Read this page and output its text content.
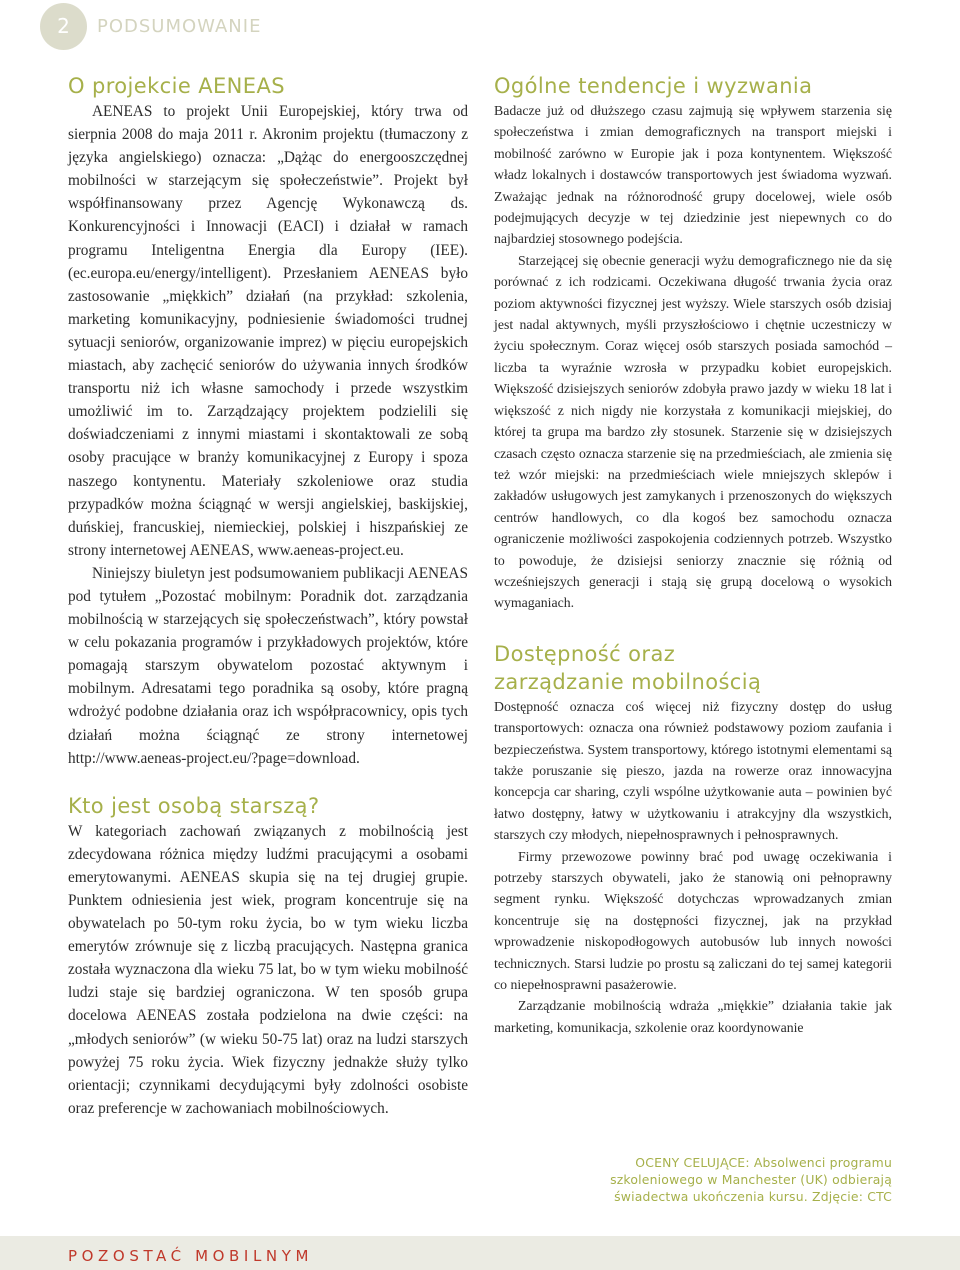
2	PODSUMOWANIE
O projekcie AENEAS

AENEAS to projekt Unii Europejskiej, który trwa od sierpnia 2008 do maja 2011 r. Akronim projektu (tłumaczony z języka angielskiego) oznacza: „Dążąc do energooszczędnej mobilności w starzejącym się społeczeństwie”. Projekt był współfinansowany przez Agencję Wykonawczą ds. Konkurencyjności i Innowacji (EACI) i działał w ramach programu Inteligentna Energia dla Europy (IEE). (ec.europa.eu/energy/intelligent). Przesłaniem AENEAS było zastosowanie „miękkich” działań (na przykład: szkolenia, marketing komunikacyjny, podniesienie świadomości trudnej sytuacji seniorów, organizowanie imprez) w pięciu europejskich miastach, aby zachęcić seniorów do używania innych środków transportu niż ich własne samochody i przede wszystkim umożliwić im to. Zarządzający projektem podzielili się doświadczeniami z innymi miastami i skontaktowali ze sobą osoby pracujące w branży komunikacyjnej z Europy i spoza naszego kontynentu. Materiały szkoleniowe oraz studia przypadków można ściągnąć w wersji angielskiej, baskijskiej, duńskiej, francuskiej, niemieckiej, polskiej i hiszpańskiej ze strony internetowej AENEAS, www.aeneas-project.eu.

Niniejszy biuletyn jest podsumowaniem publikacji AENEAS pod tytułem „Pozostać mobilnym: Poradnik dot. zarządzania mobilnością w starzejących się społeczeństwach”, który powstał w celu pokazania programów i przykładowych projektów, które pomagają starszym obywatelom pozostać aktywnym i mobilnym. Adresatami tego poradnika są osoby, które pragną wdrożyć podobne działania oraz ich współpracownicy, opis tych działań można ściągnąć ze strony internetowej http://www.aeneas-project.eu/?page=download.

Kto jest osobą starszą?

W kategoriach zachowań związanych z mobilnością jest zdecydowana różnica między ludźmi pracującymi a osobami emerytowanymi. AENEAS skupia się na tej drugiej grupie. Punktem odniesienia jest wiek, program koncentruje się na obywatelach po 50-tym roku życia, bo w tym wieku liczba emerytów zrównuje się z liczbą pracujących. Następna granica została wyznaczona dla wieku 75 lat, bo w tym wieku mobilność ludzi staje się bardziej ograniczona. W ten sposób grupa docelowa AENEAS została podzielona na dwie części: na „młodych seniorów” (w wieku 50-75 lat) oraz na ludzi starszych powyżej 75 roku życia. Wiek fizyczny jednakże służy tylko orientacji; czynnikami decydującymi były zdolności osobiste oraz preferencje w zachowaniach mobilnościowych.

Ogólne tendencje i wyzwania

Badacze już od dłuższego czasu zajmują się wpływem starzenia się społeczeństwa i zmian demograficznych na transport miejski i mobilność zarówno w Europie jak i poza kontynentem. Większość władz lokalnych i dostawców transportowych jest świadoma wyzwań. Zważając jednak na różnorodność grupy docelowej, wiele osób podejmujących decyzje w tej dziedzinie jest niepewnych co do najbardziej stosownego podejścia.

Starzejącej się obecnie generacji wyżu demograficznego nie da się porównać z ich rodzicami. Oczekiwana długość trwania życia oraz poziom aktywności fizycznej jest wyższy. Wiele starszych osób dzisiaj jest nadal aktywnych, myśli przyszłościowo i chętnie uczestniczy w życiu społecznym. Coraz więcej osób starszych posiada samochód – liczba ta wyraźnie wzrosła w przypadku kobiet europejskich. Większość dzisiejszych seniorów zdobyła prawo jazdy w wieku 18 lat i większość z nich nigdy nie korzystała z komunikacji miejskiej, do której ta grupa ma bardzo zły stosunek. Starzenie się w dzisiejszych czasach często oznacza starzenie się na przedmieściach, ale zmienia się też wzór miejski: na przedmieściach wiele mniejszych sklepów i zakładów usługowych jest zamykanych i przenoszonych do większych centrów handlowych, co dla kogoś bez samochodu oznacza ograniczenie możliwości zaspokojenia codziennych potrzeb. Wszystko to powoduje, że dzisiejsi seniorzy znacznie się różnią od wcześniejszych generacji i stają się grupą docelową o wysokich wymaganiach.

Dostępność oraz
zarządzanie mobilnością

Dostępność oznacza coś więcej niż fizyczny dostęp do usług transportowych: oznacza ona również podstawowy poziom zaufania i bezpieczeństwa. System transportowy, którego istotnymi elementami są także poruszanie się pieszo, jazda na rowerze oraz innowacyjna koncepcja car sharing, czyli wspólne użytkowanie auta – powinien być łatwo dostępny, łatwy w użytkowaniu i atrakcyjny dla wszystkich, starszych czy młodych, niepełnosprawnych i pełnosprawnych.

Firmy przewozowe powinny brać pod uwagę oczekiwania i potrzeby starszych obywateli, jako że stanowią oni pełnoprawny segment rynku. Większość dotychczas wprowadzanych zmian koncentruje się na dostępności fizycznej, jak na przykład wprowadzenie niskopodłogowych autobusów lub innych nowości technicznych. Starsi ludzie po prostu są zaliczani do tej samej kategorii co niepełnosprawni pasażerowie.

Zarządzanie mobilnością wdraża „miękkie” działania takie jak marketing, komunikacja, szkolenie oraz koordynowanie

OCENY CELUJĄCE: Absolwenci programu szkoleniowego w Manchester (UK) odbierają świadectwa ukończenia kursu. Zdjęcie: CTC
POZOSTAĆ MOBILNYM
